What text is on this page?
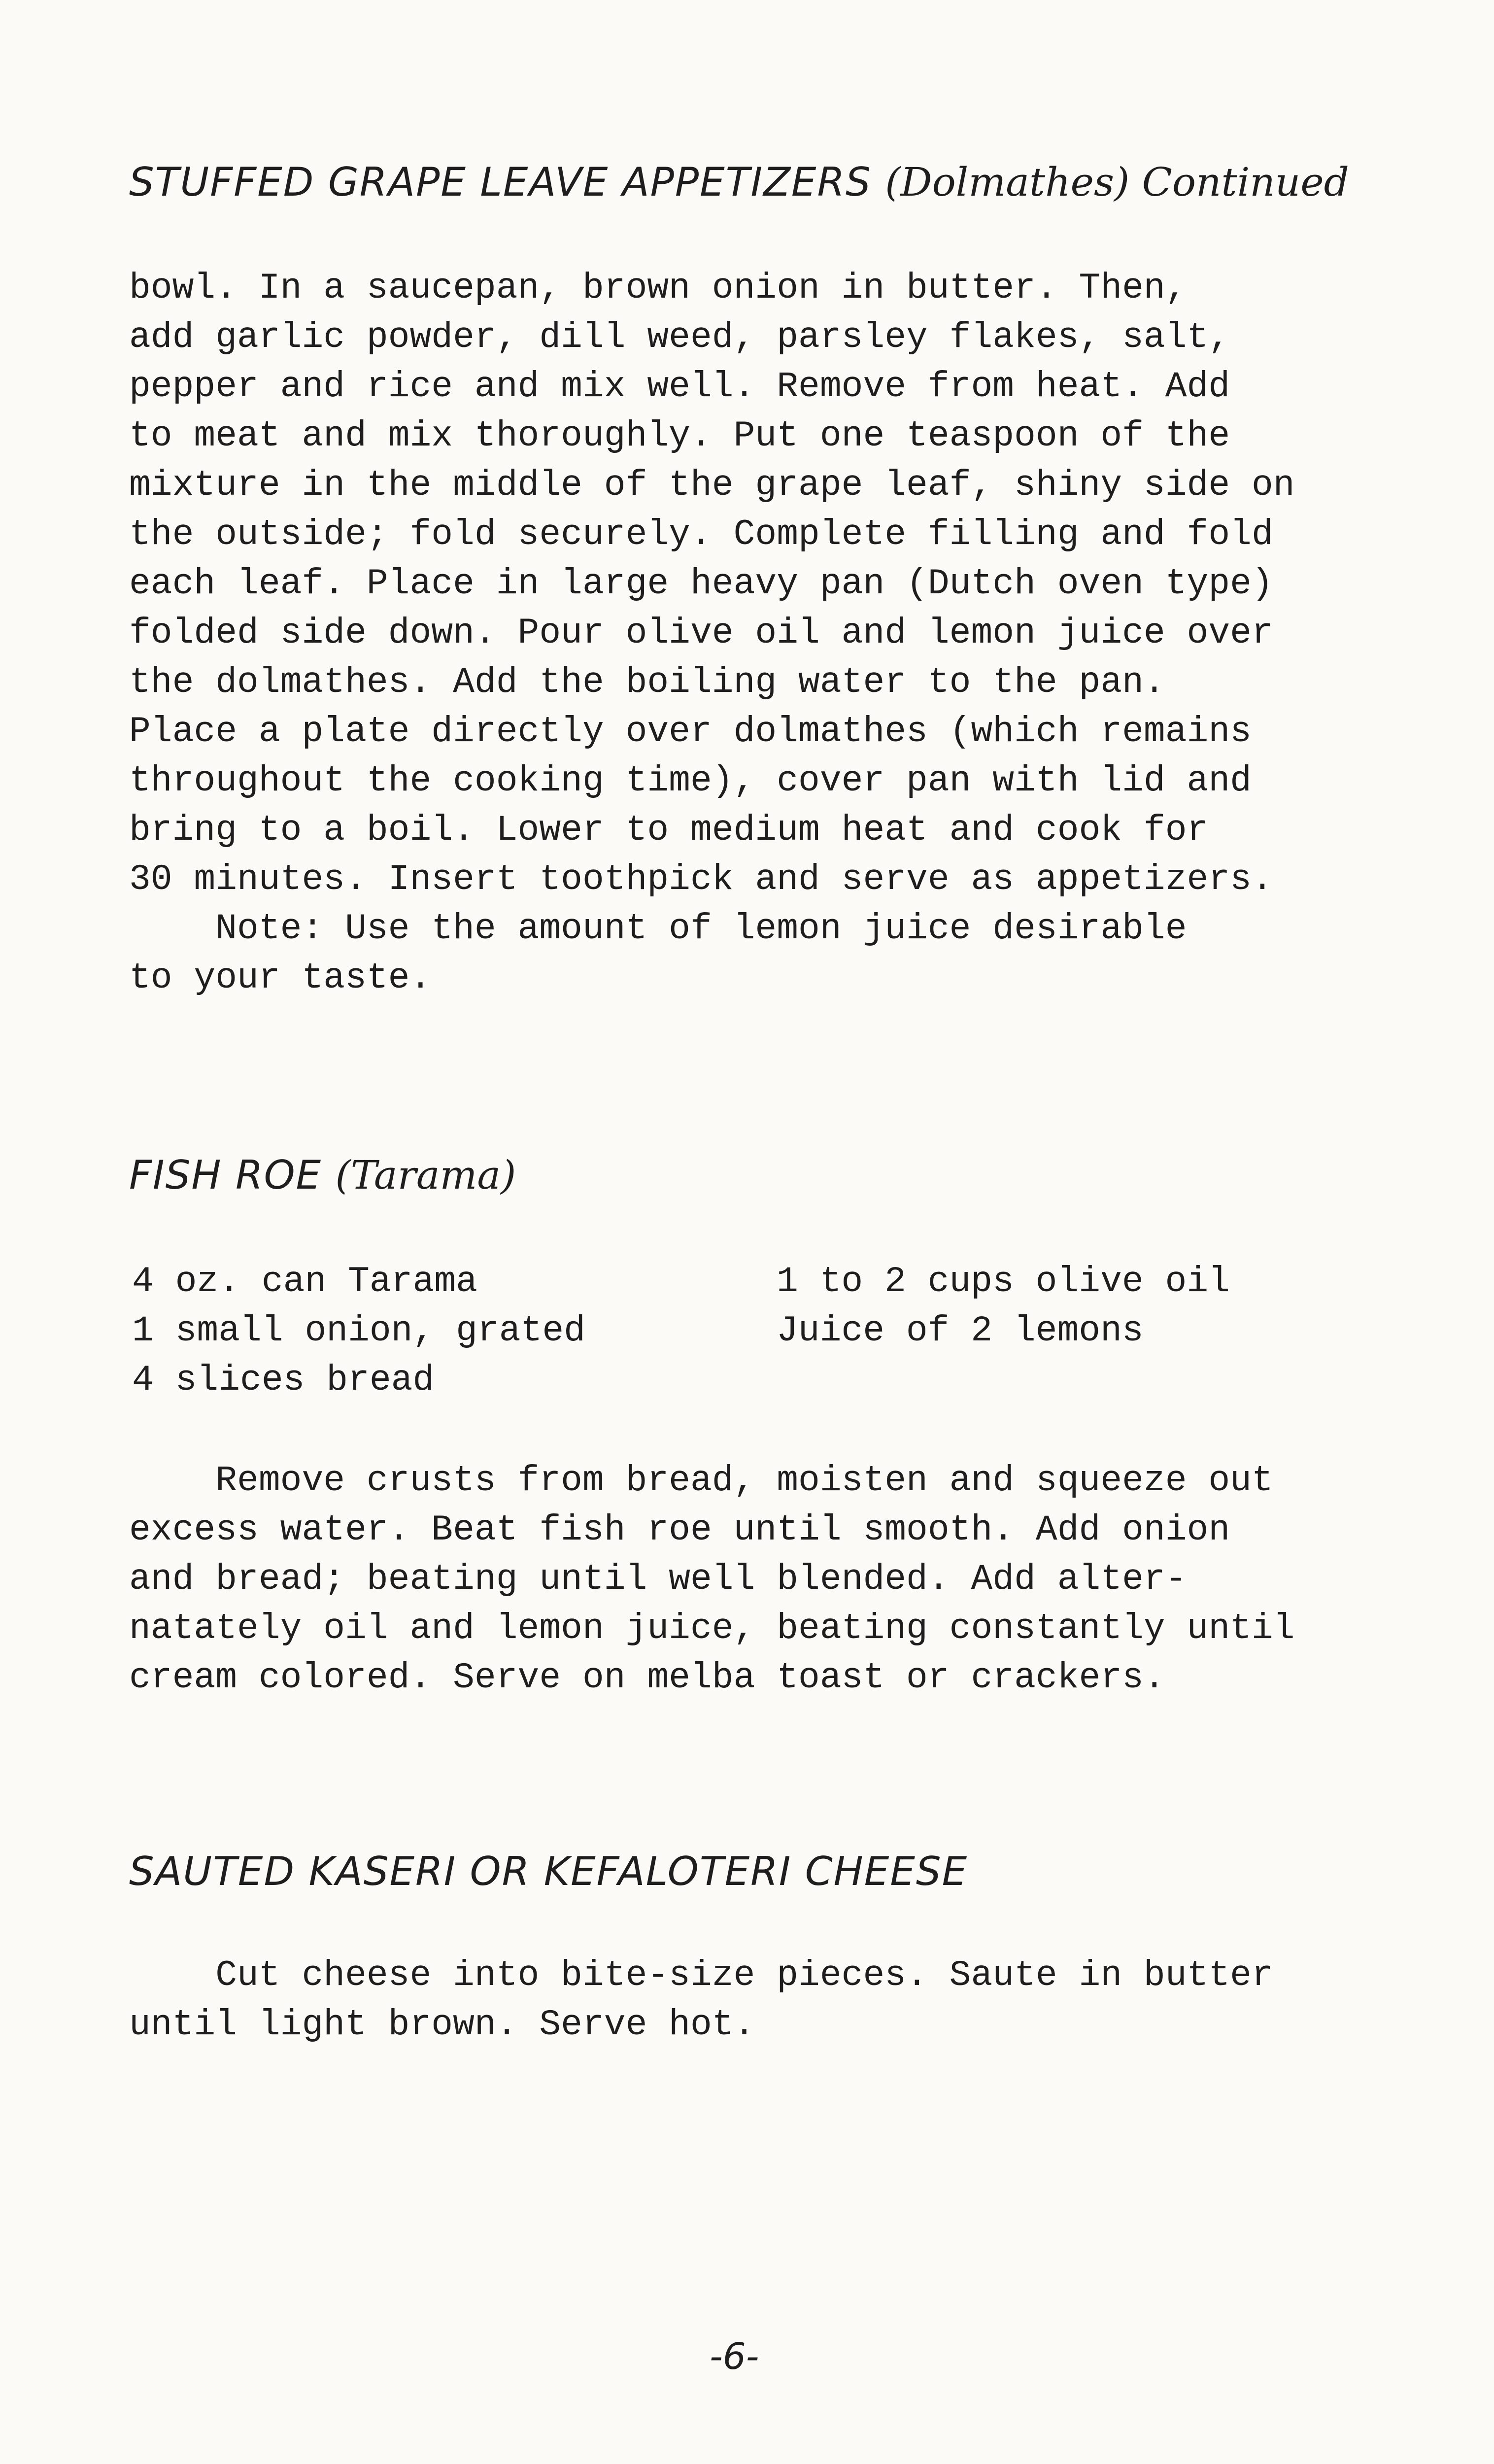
STUFFED GRAPE LEAVE APPETIZERS (Dolmathes) Continued
bowl. In a saucepan, brown onion in butter. Then,
add garlic powder, dill weed, parsley flakes, salt,
pepper and rice and mix well. Remove from heat. Add
to meat and mix thoroughly. Put one teaspoon of the
mixture in the middle of the grape leaf, shiny side on
the outside; fold securely. Complete filling and fold
each leaf. Place in large heavy pan (Dutch oven type)
folded side down. Pour olive oil and lemon juice over
the dolmathes. Add the boiling water to the pan.
Place a plate directly over dolmathes (which remains
throughout the cooking time), cover pan with lid and
bring to a boil. Lower to medium heat and cook for
30 minutes. Insert toothpick and serve as appetizers.
Note: Use the amount of lemon juice desirable
to your taste.
FISH ROE (Tarama)
4 oz. can Tarama
1 small onion, grated
4 slices bread
1 to 2 cups olive oil
Juice of 2 lemons
Remove crusts from bread, moisten and squeeze out
excess water. Beat fish roe until smooth. Add onion
and bread; beating until well blended. Add alter-
natately oil and lemon juice, beating constantly until
cream colored. Serve on melba toast or crackers.
SAUTED KASERI OR KEFALOTERI CHEESE
Cut cheese into bite-size pieces. Saute in butter
until light brown. Serve hot.
-6-
